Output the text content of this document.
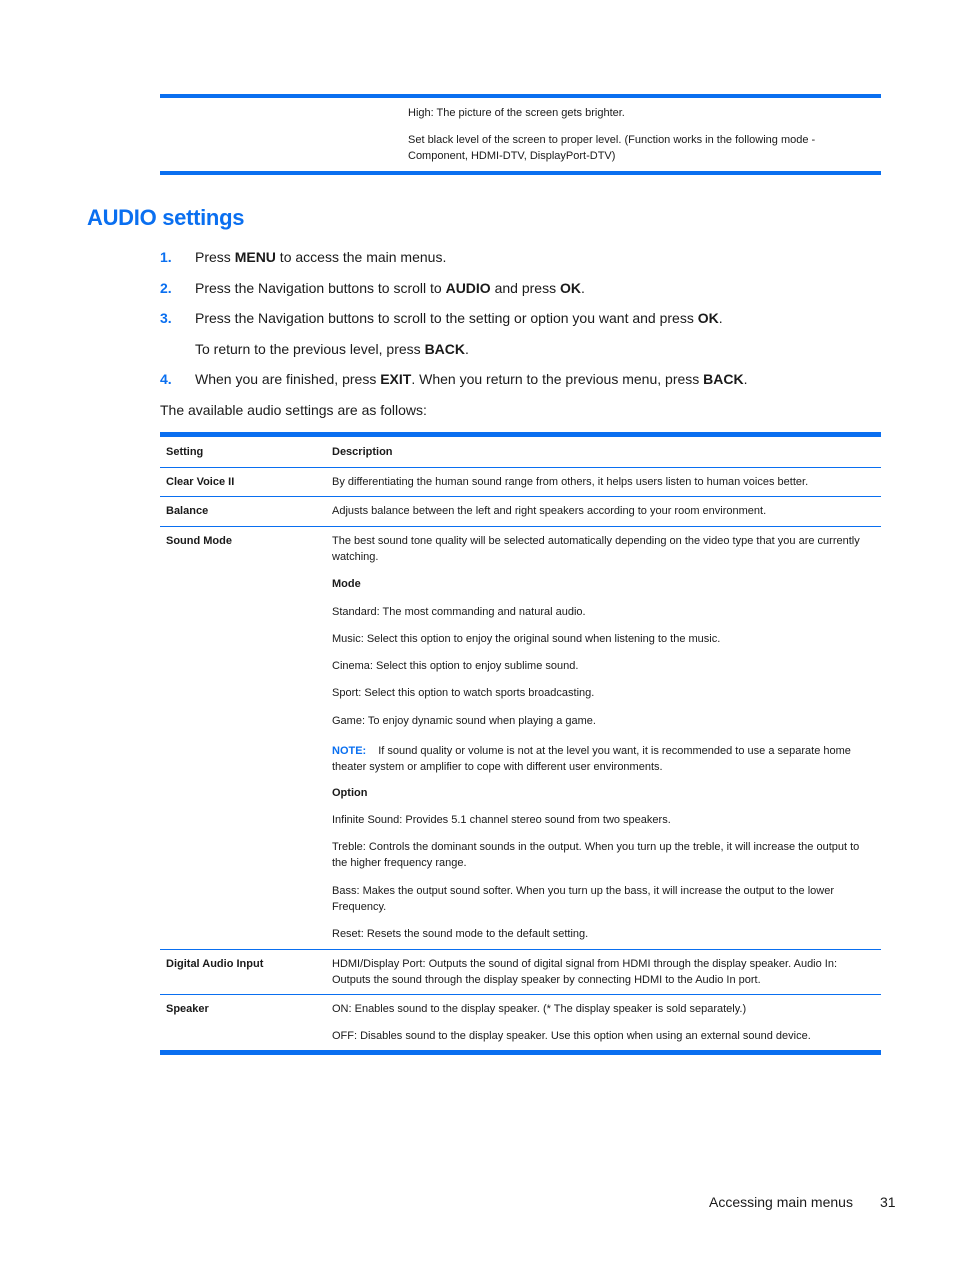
High: The picture of the screen gets brighter.
Set black level of the screen to proper level. (Function works in the following mode - Component, HDMI-DTV, DisplayPort-DTV)
AUDIO settings
1. Press MENU to access the main menus.
2. Press the Navigation buttons to scroll to AUDIO and press OK.
3. Press the Navigation buttons to scroll to the setting or option you want and press OK.
To return to the previous level, press BACK.
4. When you are finished, press EXIT. When you return to the previous menu, press BACK.
The available audio settings are as follows:
Setting	Description
Clear Voice II	By differentiating the human sound range from others, it helps users listen to human voices better.
Balance	Adjusts balance between the left and right speakers according to your room environment.
Sound Mode	The best sound tone quality will be selected automatically depending on the video type that you are currently watching.
Mode
Standard: The most commanding and natural audio.
Music: Select this option to enjoy the original sound when listening to the music.
Cinema: Select this option to enjoy sublime sound.
Sport: Select this option to watch sports broadcasting.
Game: To enjoy dynamic sound when playing a game.
NOTE: If sound quality or volume is not at the level you want, it is recommended to use a separate home theater system or amplifier to cope with different user environments.
Option
Infinite Sound: Provides 5.1 channel stereo sound from two speakers.
Treble: Controls the dominant sounds in the output. When you turn up the treble, it will increase the output to the higher frequency range.
Bass: Makes the output sound softer. When you turn up the bass, it will increase the output to the lower Frequency.
Reset: Resets the sound mode to the default setting.
Digital Audio Input	HDMI/Display Port: Outputs the sound of digital signal from HDMI through the display speaker. Audio In: Outputs the sound through the display speaker by connecting HDMI to the Audio In port.
Speaker	ON: Enables sound to the display speaker. (* The display speaker is sold separately.)
OFF: Disables sound to the display speaker. Use this option when using an external sound device.
Accessing main menus 31
